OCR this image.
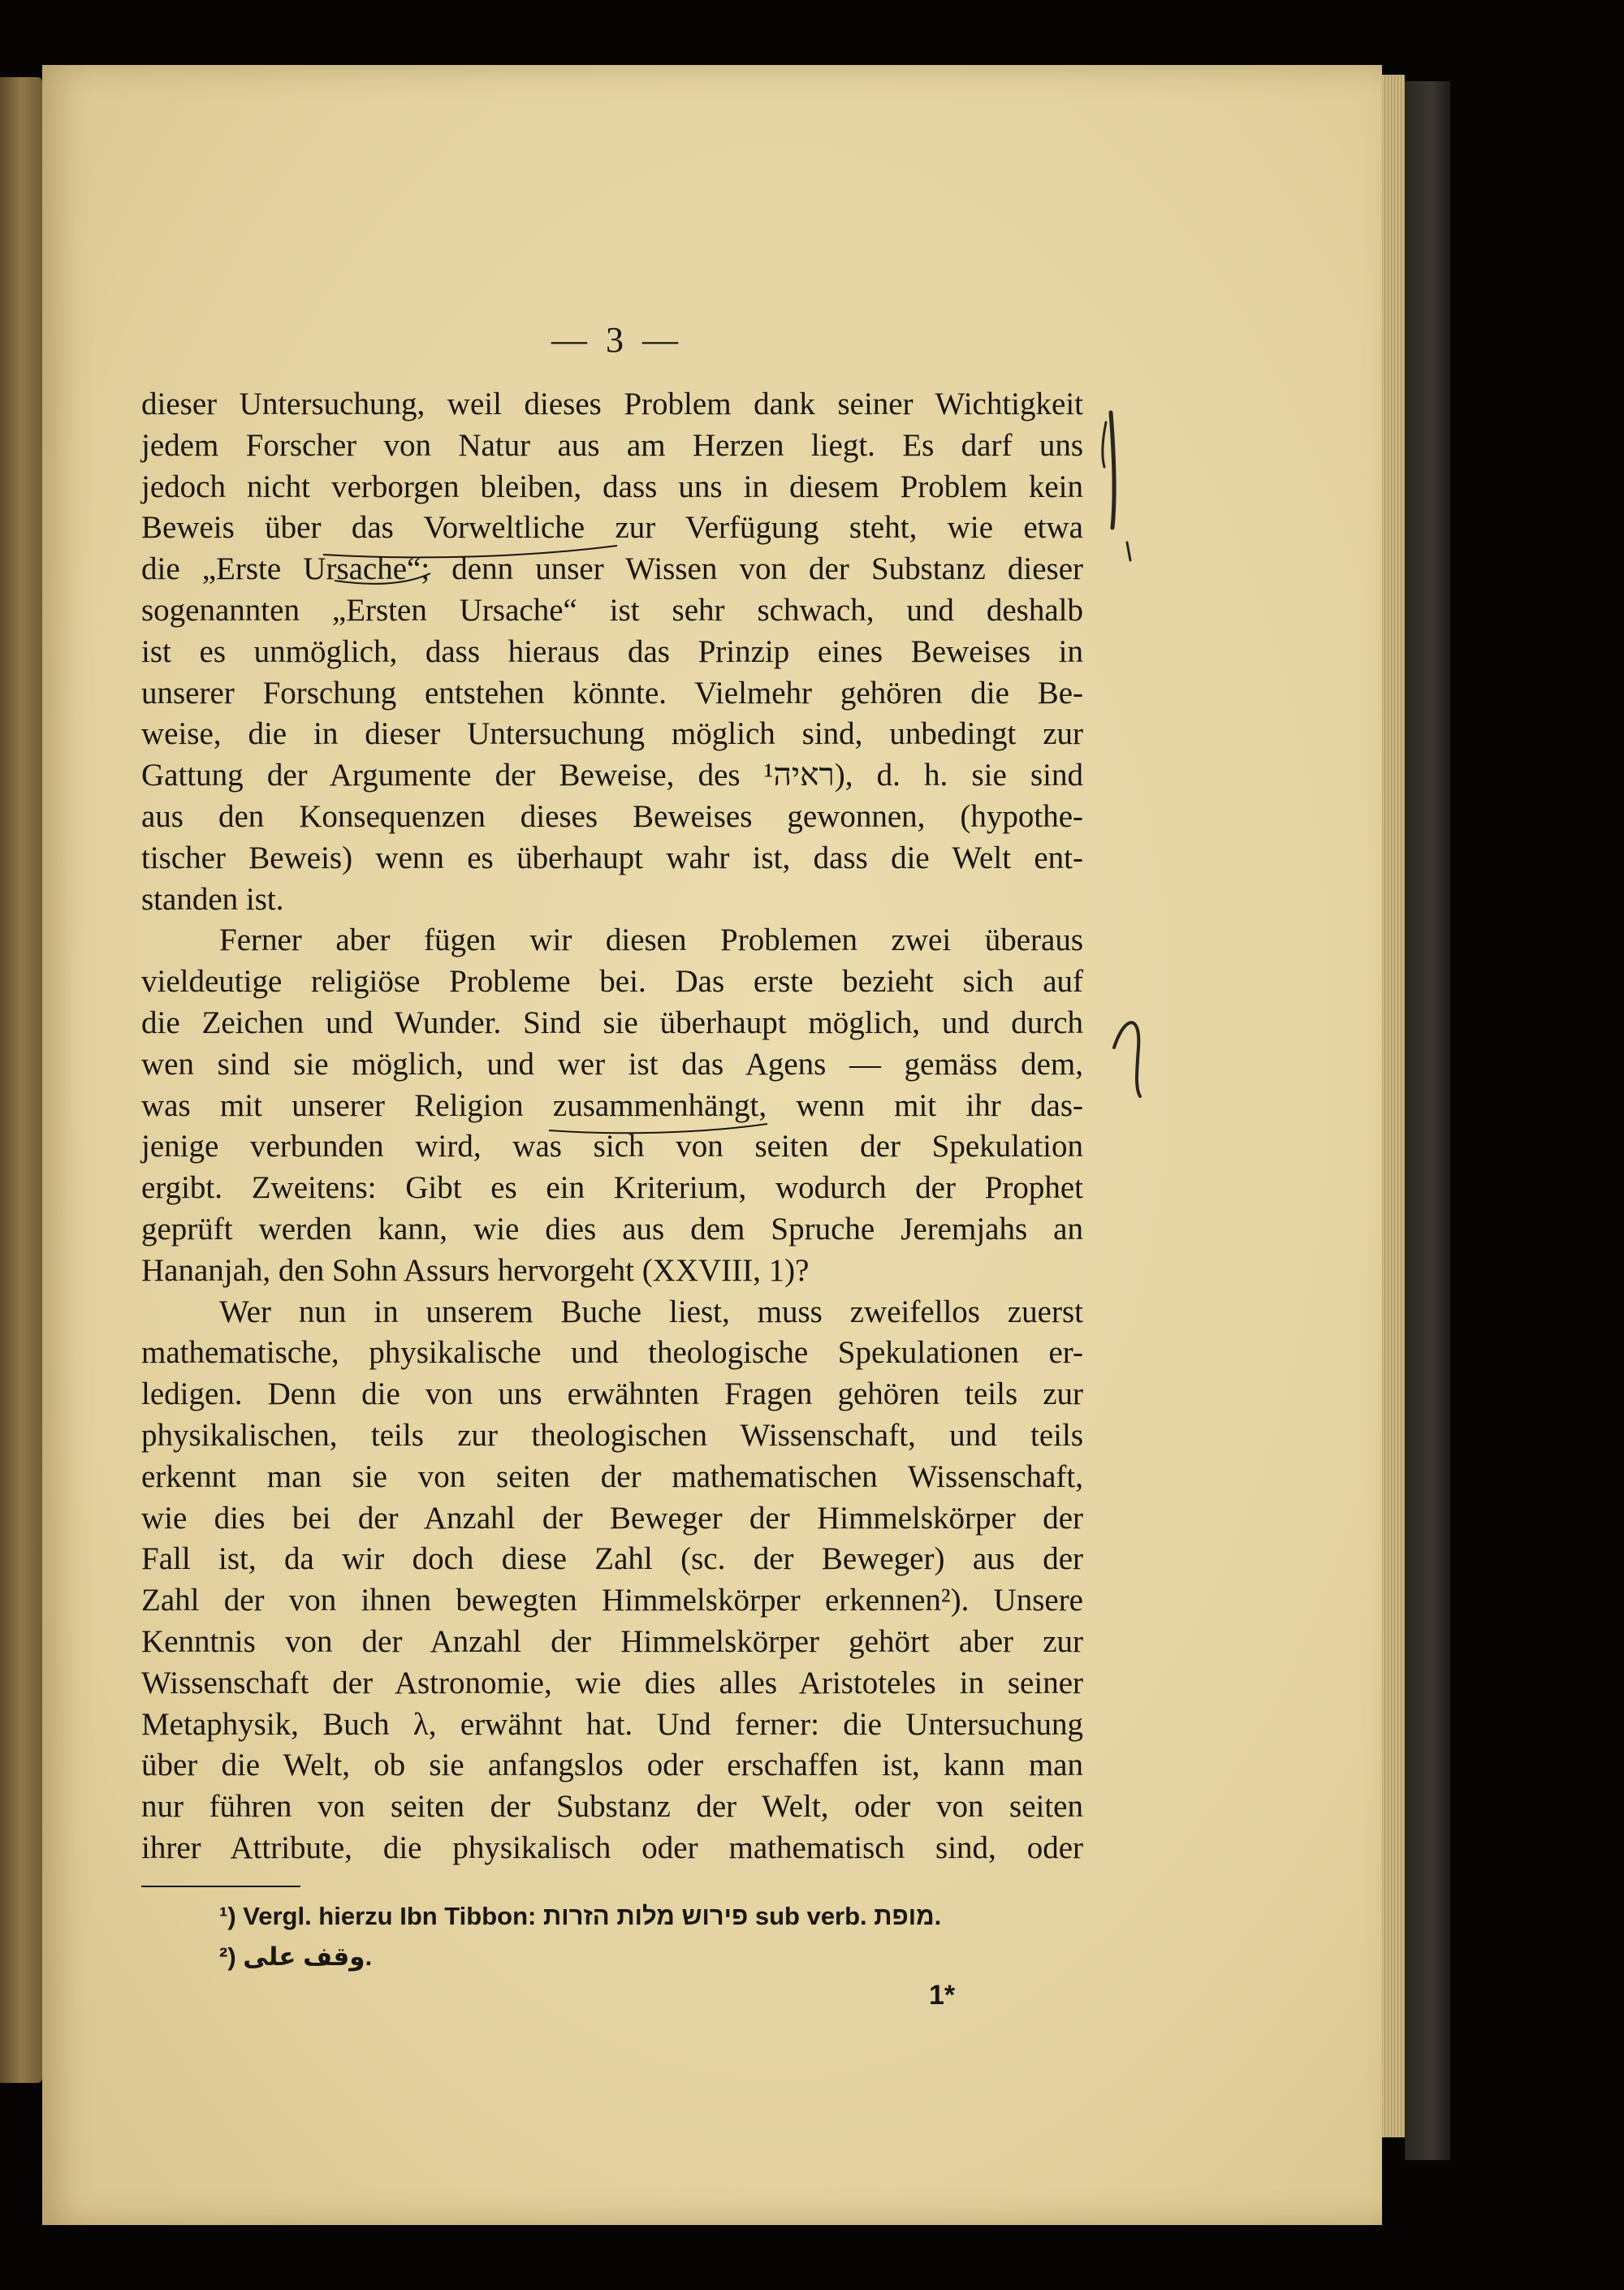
— 3 —
dieser Untersuchung, weil dieses Problem dank seiner Wichtigkeit
jedem Forscher von Natur aus am Herzen liegt. Es darf uns
jedoch nicht verborgen bleiben, dass uns in diesem Problem kein
Beweis über das Vorweltliche zur Verfügung steht, wie etwa
die „Erste Ursache“; denn unser Wissen von der Substanz dieser
sogenannten „Ersten Ursache“ ist sehr schwach, und deshalb
ist es unmöglich, dass hieraus das Prinzip eines Beweises in
unserer Forschung entstehen könnte. Vielmehr gehören die Be-
weise, die in dieser Untersuchung möglich sind, unbedingt zur
Gattung der Argumente der Beweise, des ראיה¹), d. h. sie sind
aus den Konsequenzen dieses Beweises gewonnen, (hypothe-
tischer Beweis) wenn es überhaupt wahr ist, dass die Welt ent-
standen ist.
Ferner aber fügen wir diesen Problemen zwei überaus
vieldeutige religiöse Probleme bei. Das erste bezieht sich auf
die Zeichen und Wunder. Sind sie überhaupt möglich, und durch
wen sind sie möglich, und wer ist das Agens — gemäss dem,
was mit unserer Religion zusammenhängt, wenn mit ihr das-
jenige verbunden wird, was sich von seiten der Spekulation
ergibt. Zweitens: Gibt es ein Kriterium, wodurch der Prophet
geprüft werden kann, wie dies aus dem Spruche Jeremjahs an
Hananjah, den Sohn Assurs hervorgeht (XXVIII, 1)?
Wer nun in unserem Buche liest, muss zweifellos zuerst
mathematische, physikalische und theologische Spekulationen er-
ledigen. Denn die von uns erwähnten Fragen gehören teils zur
physikalischen, teils zur theologischen Wissenschaft, und teils
erkennt man sie von seiten der mathematischen Wissenschaft,
wie dies bei der Anzahl der Beweger der Himmelskörper der
Fall ist, da wir doch diese Zahl (sc. der Beweger) aus der
Zahl der von ihnen bewegten Himmelskörper erkennen²). Unsere
Kenntnis von der Anzahl der Himmelskörper gehört aber zur
Wissenschaft der Astronomie, wie dies alles Aristoteles in seiner
Metaphysik, Buch λ, erwähnt hat. Und ferner: die Untersuchung
über die Welt, ob sie anfangslos oder erschaffen ist, kann man
nur führen von seiten der Substanz der Welt, oder von seiten
ihrer Attribute, die physikalisch oder mathematisch sind, oder
¹) Vergl. hierzu Ibn Tibbon: פירוש מלות הזרות sub verb. מופת.
²) وقف على.
1*
